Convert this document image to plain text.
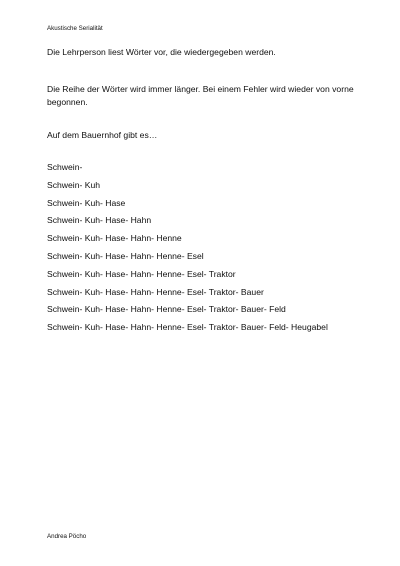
Akustische Serialität
Die Lehrperson liest Wörter vor, die wiedergegeben werden.
Die Reihe der Wörter wird immer länger. Bei einem Fehler wird wieder von vorne begonnen.
Auf dem Bauernhof gibt es…
Schwein-
Schwein- Kuh
Schwein- Kuh- Hase
Schwein- Kuh- Hase- Hahn
Schwein- Kuh- Hase- Hahn- Henne
Schwein- Kuh- Hase- Hahn- Henne- Esel
Schwein- Kuh- Hase- Hahn- Henne- Esel- Traktor
Schwein- Kuh- Hase- Hahn- Henne- Esel- Traktor- Bauer
Schwein- Kuh- Hase- Hahn- Henne- Esel- Traktor- Bauer- Feld
Schwein- Kuh- Hase- Hahn- Henne- Esel- Traktor- Bauer- Feld- Heugabel
Andrea Pöcho
